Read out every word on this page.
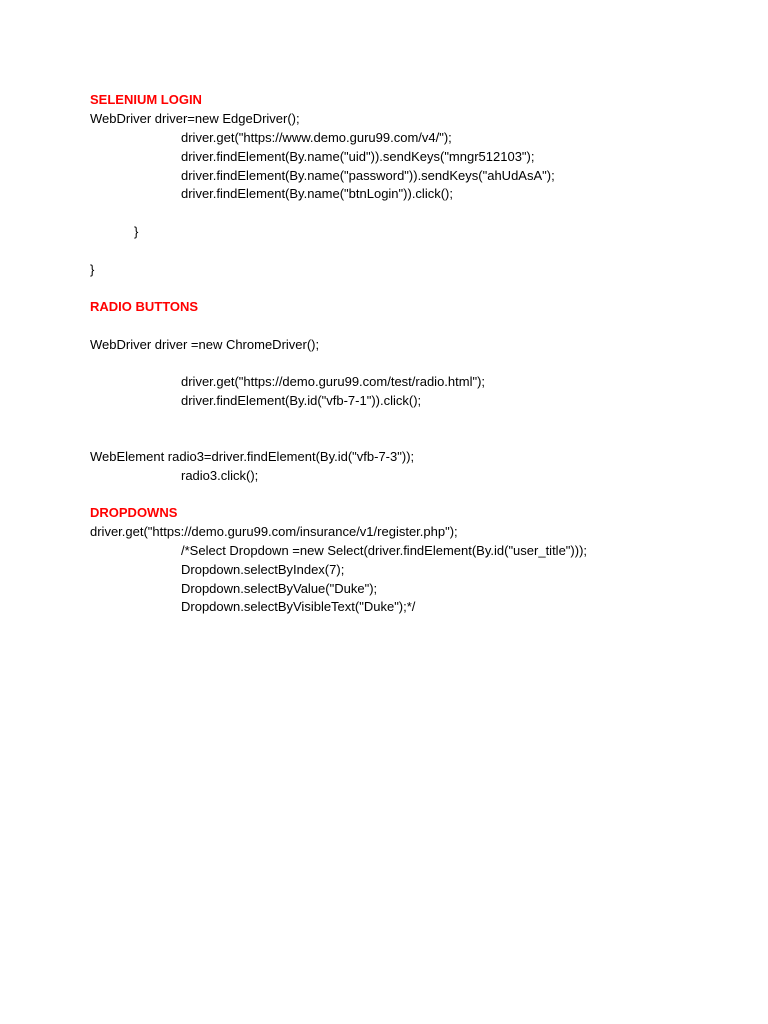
SELENIUM LOGIN
WebDriver driver=new EdgeDriver();
driver.get("https://www.demo.guru99.com/v4/");
driver.findElement(By.name("uid")).sendKeys("mngr512103");
driver.findElement(By.name("password")).sendKeys("ahUdAsA");
driver.findElement(By.name("btnLogin")).click();
}
}
RADIO BUTTONS
WebDriver driver =new ChromeDriver();
driver.get("https://demo.guru99.com/test/radio.html");
driver.findElement(By.id("vfb-7-1")).click();
WebElement radio3=driver.findElement(By.id("vfb-7-3"));
radio3.click();
DROPDOWNS
driver.get("https://demo.guru99.com/insurance/v1/register.php");
/*Select Dropdown =new Select(driver.findElement(By.id("user_title")));
Dropdown.selectByIndex(7);
Dropdown.selectByValue("Duke");
Dropdown.selectByVisibleText("Duke");*/
